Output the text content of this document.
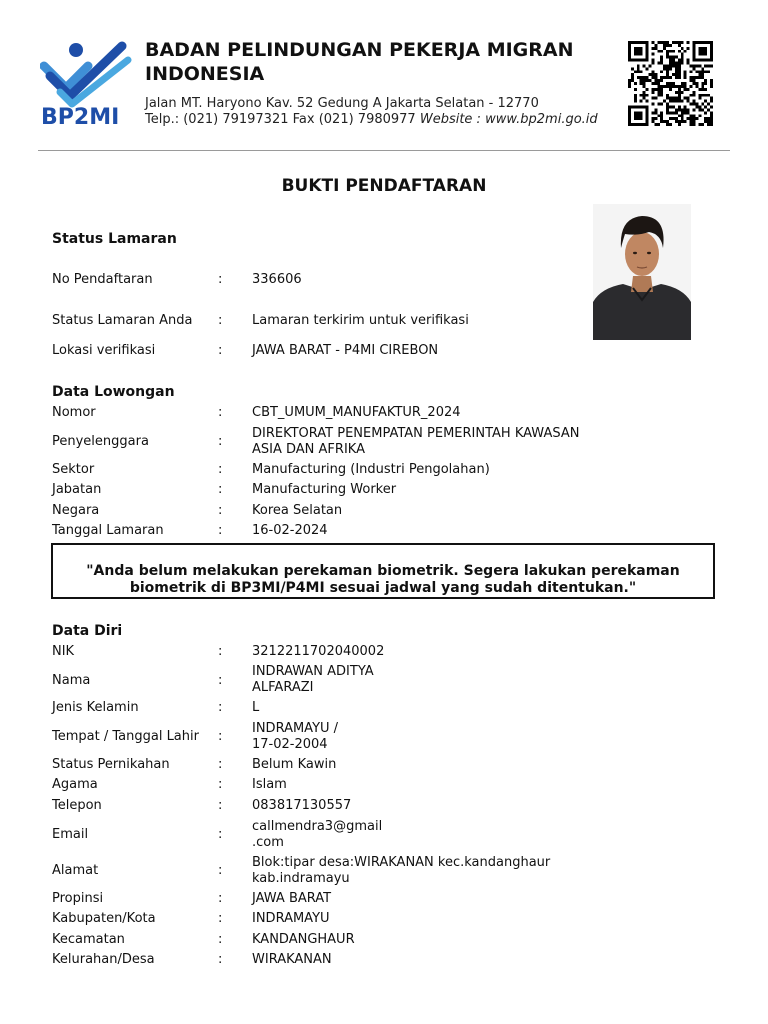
BP2MI
BADAN PELINDUNGAN PEKERJA MIGRAN INDONESIA
Jalan MT. Haryono Kav. 52 Gedung A Jakarta Selatan - 12770
Telp.: (021) 79197321 Fax (021) 7980977 Website : www.bp2mi.go.id
BUKTI PENDAFTARAN
Status Lamaran
No Pendaftaran	: 336606
Status Lamaran Anda : Lamaran terkirim untuk verifikasi
Lokasi verifikasi	: JAWA BARAT - P4MI CIREBON
Data Lowongan
Nomor	: CBT_UMUM_MANUFAKTUR_2024
Penyelenggara	:
DIREKTORAT PENEMPATAN PEMERINTAH KAWASAN
ASIA DAN AFRIKA
Sektor	: Manufacturing (Industri Pengolahan)
Jabatan	: Manufacturing Worker
Negara	: Korea Selatan
Tanggal Lamaran	: 16-02-2024
"Anda belum melakukan perekaman biometrik. Segera lakukan perekaman
biometrik di BP3MI/P4MI sesuai jadwal yang sudah ditentukan."
Data Diri
NIK	: 3212211702040002
Nama	:
INDRAWAN ADITYA
ALFARAZI
Jenis Kelamin	: L
Tempat / Tanggal Lahir :
INDRAMAYU /
17-02-2004
Status Pernikahan	: Belum Kawin
Agama	: Islam
Telepon	: 083817130557
Email	:
callmendra3@gmail
.com
Alamat	:
Blok:tipar desa:WIRAKANAN kec.kandanghaur
kab.indramayu
Propinsi	: JAWA BARAT
Kabupaten/Kota	: INDRAMAYU
Kecamatan	: KANDANGHAUR
Kelurahan/Desa	: WIRAKANAN
